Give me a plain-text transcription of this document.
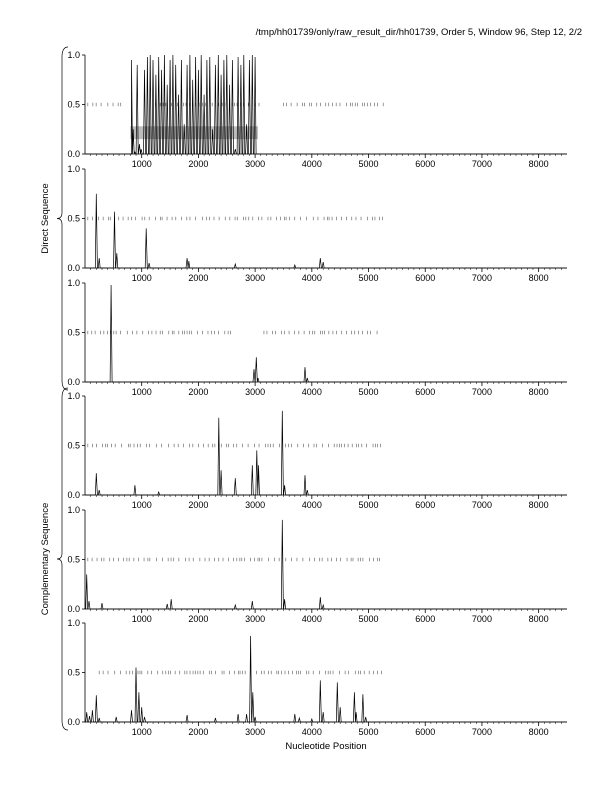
/tmp/hh01739/only/raw_result_dir/hh01739, Order 5, Window 96, Step 12, 2/2
0.0
0.5
1.0
1000	2000	3000	4000	5000	6000	7000	8000
0.0
0.5
1.0
1000	2000	3000	4000	5000	6000	7000	8000
0.0
0.5
1.0
1000	2000	3000	4000	5000	6000	7000	8000
0.0
0.5
1.0
1000	2000	3000	4000	5000	6000	7000	8000
0.0
0.5
1.0
1000	2000	3000	4000	5000	6000	7000	8000
0.0
0.5
1.0
1000	2000	3000	4000	5000	6000	7000	8000
Direct Sequence
Complementary Sequence
Nucleotide Position
